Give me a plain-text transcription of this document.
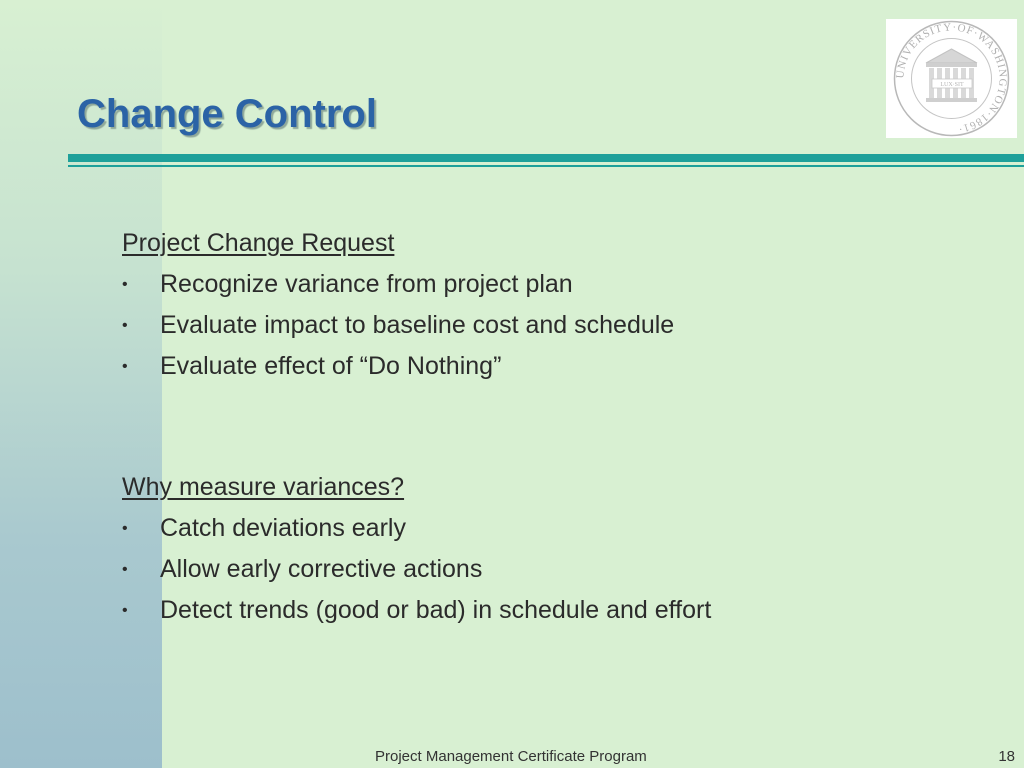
Change Control
UNIVERSITY·OF·WASHINGTON·1861·
LUX·SIT
Project Change Request
•	Recognize variance from project plan
•	Evaluate impact to baseline cost and schedule
•	Evaluate effect of “Do Nothing”
Why measure variances?
•	Catch deviations early
•	Allow early corrective actions
•	Detect trends (good or bad) in schedule and effort
Project Management Certificate Program	18
